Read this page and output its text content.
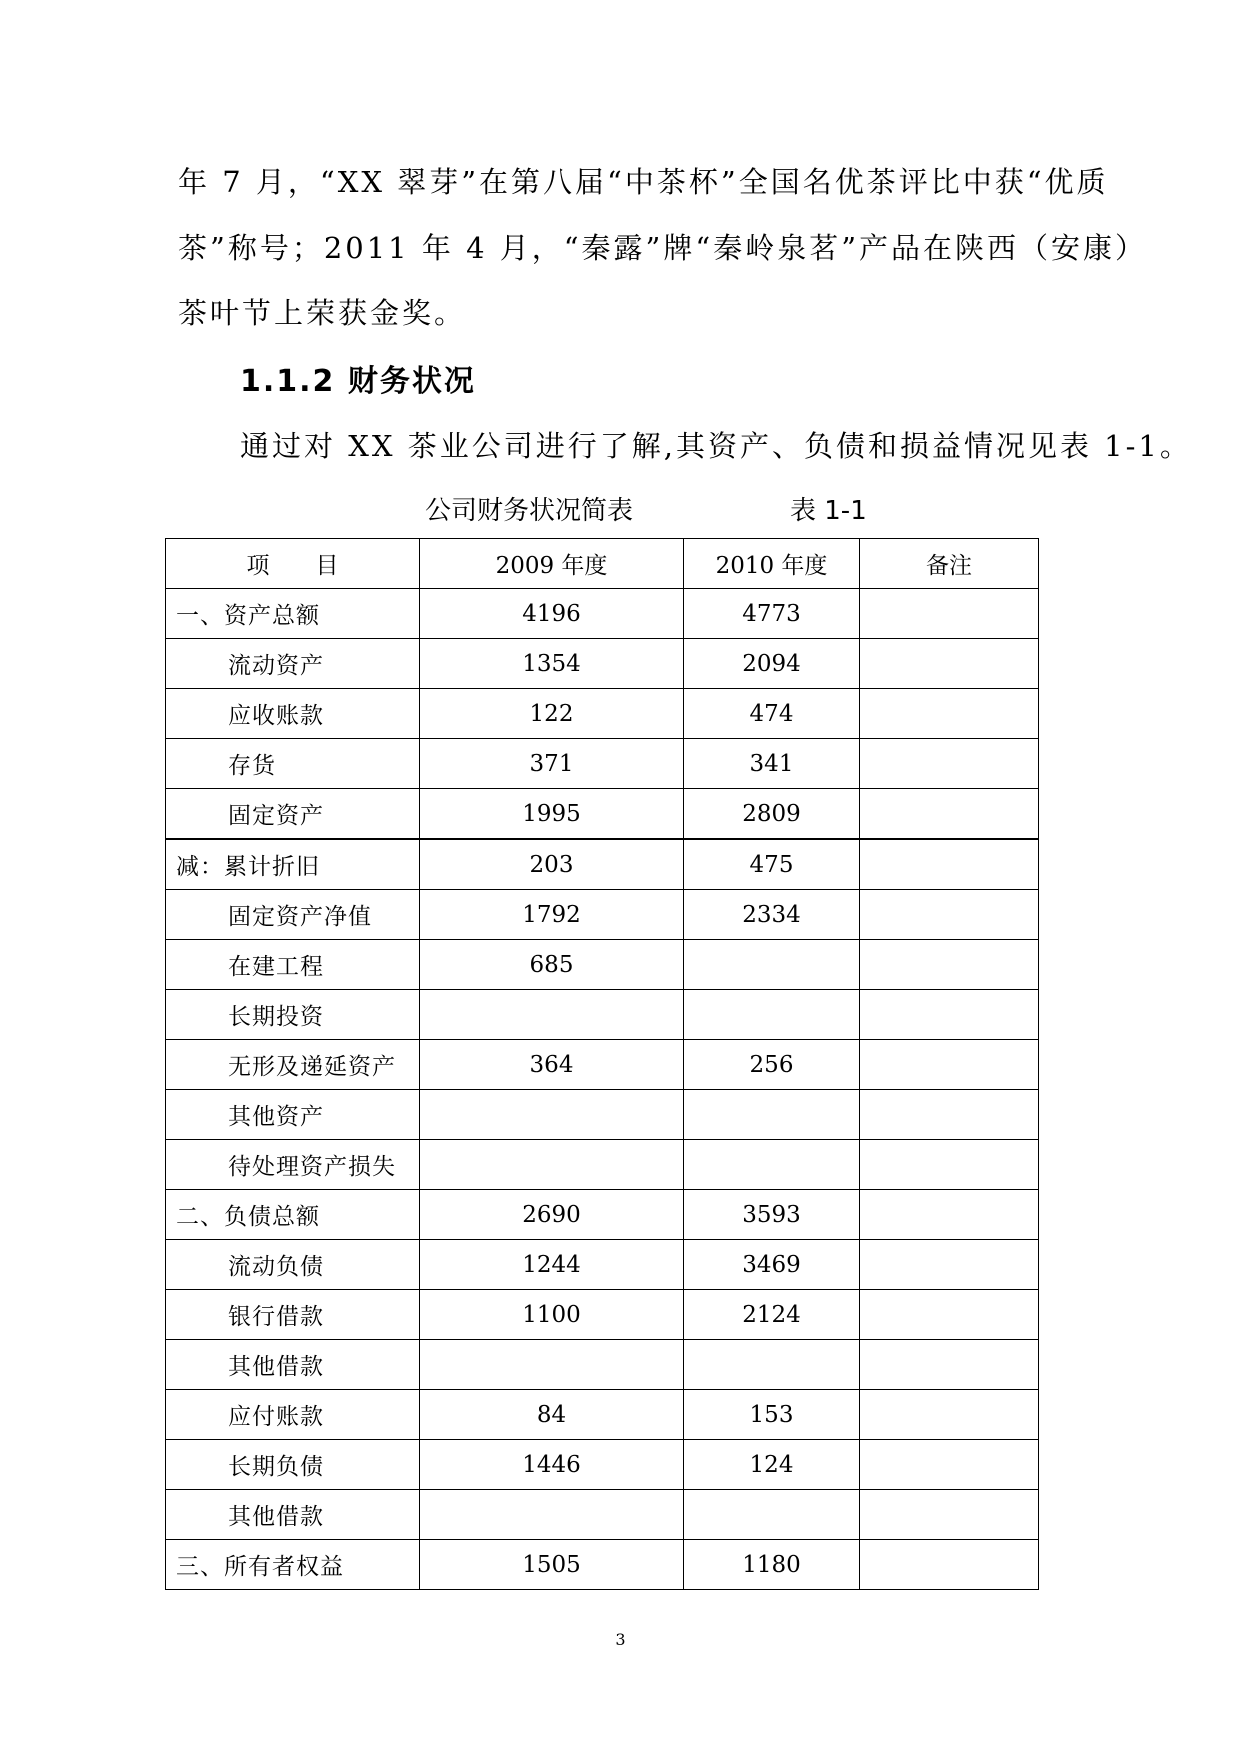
年 7 月，“XX 翠芽”在第八届“中茶杯”全国名优茶评比中获“优质
茶”称号；2011 年 4 月，“秦露”牌“秦岭泉茗”产品在陕西（安康）
茶叶节上荣获金奖。
1.1.2 财务状况
通过对 XX 茶业公司进行了解,其资产、负债和损益情况见表 1-1。
公司财务状况简表	表 1-1
项　　目	2009 年度	2010 年度	备注
一、资产总额	4196	4773	
流动资产	1354	2094	
应收账款	122	474	
存货	371	341	
固定资产	1995	2809	
减：累计折旧	203	475	
固定资产净值	1792	2334	
在建工程	685		
长期投资			
无形及递延资产	364	256	
其他资产			
待处理资产损失			
二、负债总额	2690	3593	
流动负债	1244	3469	
银行借款	1100	2124	
其他借款			
应付账款	84	153	
长期负债	1446	124	
其他借款			
三、所有者权益	1505	1180	
3
